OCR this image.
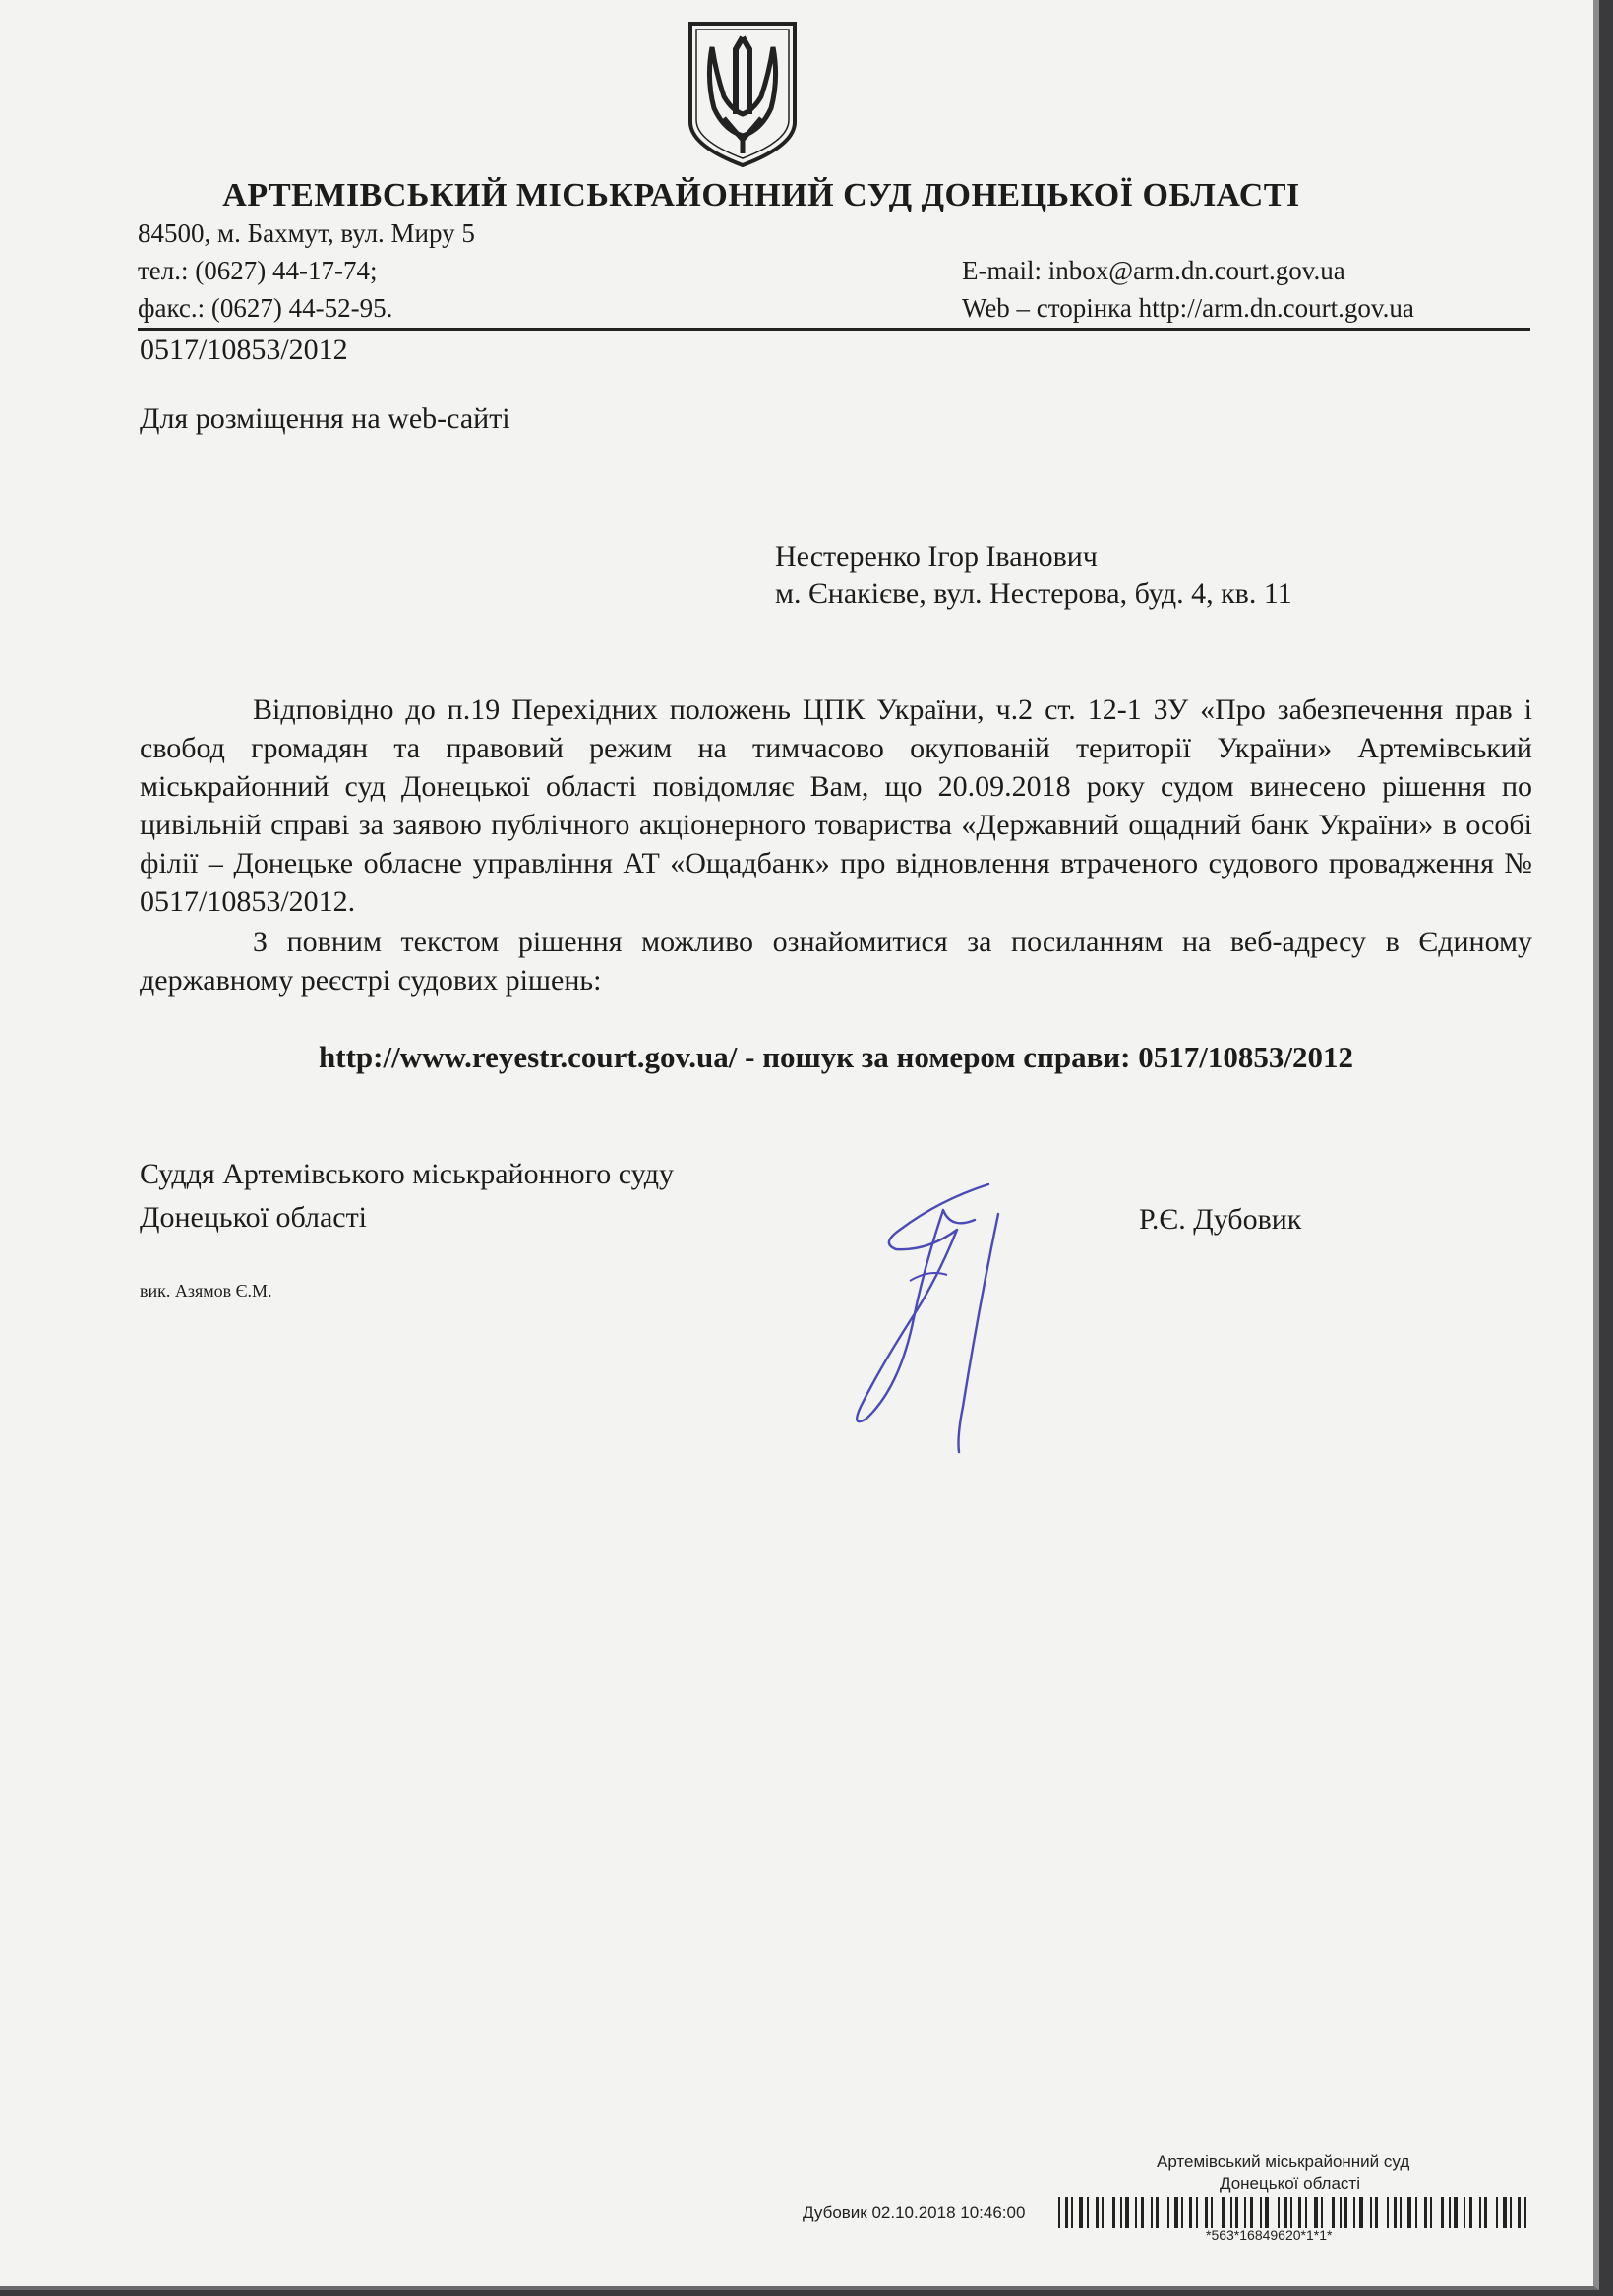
АРТЕМІВСЬКИЙ МІСЬКРАЙОННИЙ СУД ДОНЕЦЬКОЇ ОБЛАСТІ
84500, м. Бахмут, вул. Миру 5
тел.: (0627) 44-17-74;
факс.: (0627) 44-52-95.
E-mail: inbox@arm.dn.court.gov.ua
Web – сторінка http://arm.dn.court.gov.ua
0517/10853/2012
Для розміщення на web-сайті
Нестеренко Ігор Іванович
м. Єнакієве, вул. Нестерова, буд. 4, кв. 11
Відповідно до п.19 Перехідних положень ЦПК України, ч.2 ст. 12-1 ЗУ «Про забезпечення прав і свобод громадян та правовий режим на тимчасово окупованій території України» Артемівський міськрайонний суд Донецької області повідомляє Вам, що 20.09.2018 року судом винесено рішення по цивільній справі за заявою публічного акціонерного товариства «Державний ощадний банк України» в особі філії – Донецьке обласне управління АТ «Ощадбанк» про відновлення втраченого судового провадження № 0517/10853/2012.
З повним текстом рішення можливо ознайомитися за посиланням на веб-адресу в Єдиному державному реєстрі судових рішень:
http://www.reyestr.court.gov.ua/ - пошук за номером справи: 0517/10853/2012
Суддя Артемівського міськрайонного суду
Донецької області	Р.Є. Дубовик
вик. Азямов Є.М.
Артемівський міськрайонний суд
Донецької області
Дубовик 02.10.2018 10:46:00
*563*16849620*1*1*
